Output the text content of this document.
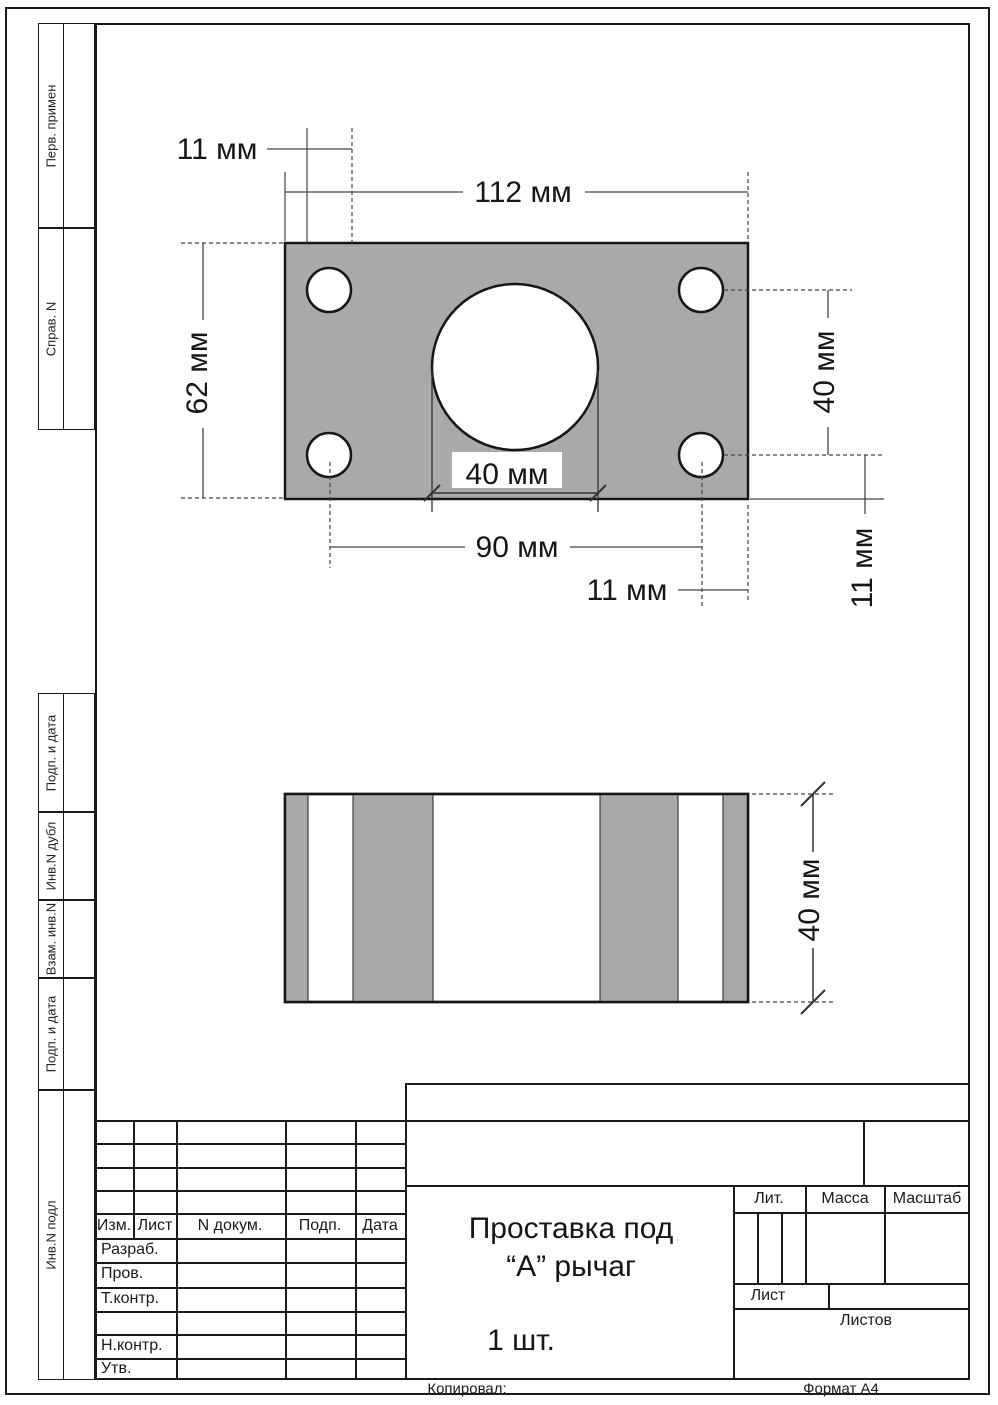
Перв. примен
Справ. N
Подп. и дата
Инв.N дубл
Взам. инв.N
Подп. и дата
Инв.N подл
11 мм
112 мм
62 мм	40 мм
11 мм
40 мм
90 мм
11 мм
40 мм
Изм. Лист N докум. Подп. Дата
Разраб.
Пров.
Т.контр.
Н.контр.
Утв.
Лит. Масса Масштаб
Лист
Листов
Проставка под
“А” рычаг
1 шт.
Копировал:	Формат А4
